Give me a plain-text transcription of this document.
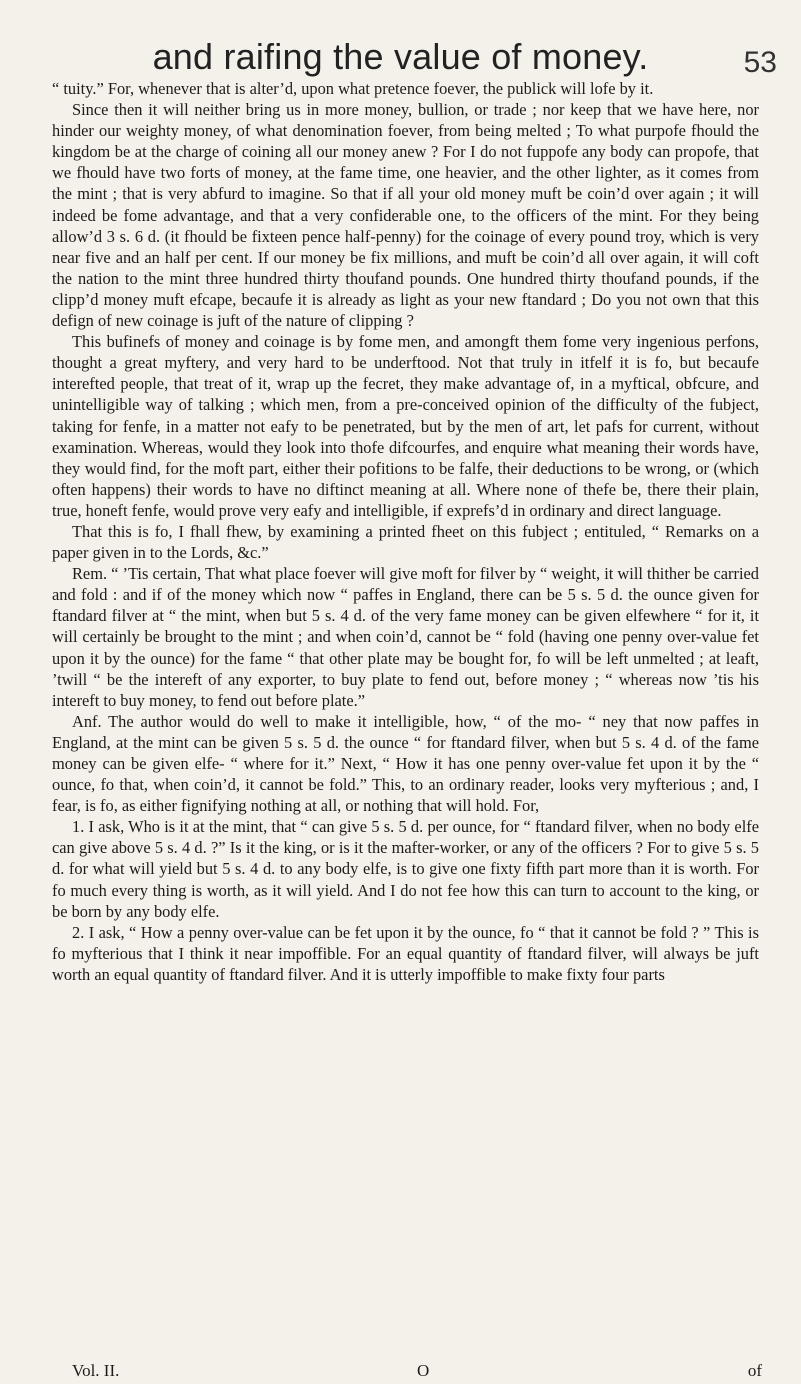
and raifing the value of money.	53

“ tuity.” For, whenever that is alter’d, upon what pretence foever, the publick will lofe by it.

Since then it will neither bring us in more money, bullion, or trade ; nor keep that we have here, nor hinder our weighty money, of what denomination foever, from being melted ; To what purpofe fhould the kingdom be at the charge of coining all our money anew ? For I do not fuppofe any body can propofe, that we fhould have two forts of money, at the fame time, one heavier, and the other lighter, as it comes from the mint ; that is very abfurd to imagine. So that if all your old money muft be coin’d over again ; it will indeed be fome advantage, and that a very confiderable one, to the officers of the mint. For they being allow’d 3 s. 6 d. (it fhould be fixteen pence half-penny) for the coinage of every pound troy, which is very near five and an half per cent. If our money be fix millions, and muft be coin’d all over again, it will coft the nation to the mint three hundred thirty thoufand pounds. One hundred thirty thoufand pounds, if the clipp’d money muft efcape, becaufe it is already as light as your new ftandard ; Do you not own that this defign of new coinage is juft of the nature of clipping ?

This bufinefs of money and coinage is by fome men, and amongft them fome very ingenious perfons, thought a great myftery, and very hard to be underftood. Not that truly in itfelf it is fo, but becaufe interefted people, that treat of it, wrap up the fecret, they make advantage of, in a myftical, obfcure, and unintelligible way of talking ; which men, from a pre-conceived opinion of the difficulty of the fubject, taking for fenfe, in a matter not eafy to be penetrated, but by the men of art, let pafs for current, without examination. Whereas, would they look into thofe difcourfes, and enquire what meaning their words have, they would find, for the moft part, either their pofitions to be falfe, their deductions to be wrong, or (which often happens) their words to have no diftinct meaning at all. Where none of thefe be, there their plain, true, honeft fenfe, would prove very eafy and intelligible, if exprefs’d in ordinary and direct language.

That this is fo, I fhall fhew, by examining a printed fheet on this fubject ; entituled, “ Remarks on a paper given in to the Lords, &c.”

Rem. “ ’Tis certain, That what place foever will give moft for filver by “ weight, it will thither be carried and fold : and if of the money which now “ paffes in England, there can be 5 s. 5 d. the ounce given for ftandard filver at “ the mint, when but 5 s. 4 d. of the very fame money can be given elfewhere “ for it, it will certainly be brought to the mint ; and when coin’d, cannot be “ fold (having one penny over-value fet upon it by the ounce) for the fame “ that other plate may be bought for, fo will be left unmelted ; at leaft, ’twill “ be the intereft of any exporter, to buy plate to fend out, before money ; “ whereas now ’tis his intereft to buy money, to fend out before plate.”

Anf. The author would do well to make it intelligible, how, “ of the mo- “ ney that now paffes in England, at the mint can be given 5 s. 5 d. the ounce “ for ftandard filver, when but 5 s. 4 d. of the fame money can be given elfe- “ where for it.” Next, “ How it has one penny over-value fet upon it by the “ ounce, fo that, when coin’d, it cannot be fold.” This, to an ordinary reader, looks very myfterious ; and, I fear, is fo, as either fignifying nothing at all, or nothing that will hold. For,

1. I ask, Who is it at the mint, that “ can give 5 s. 5 d. per ounce, for “ ftandard filver, when no body elfe can give above 5 s. 4 d. ?” Is it the king, or is it the mafter-worker, or any of the officers ? For to give 5 s. 5 d. for what will yield but 5 s. 4 d. to any body elfe, is to give one fixty fifth part more than it is worth. For fo much every thing is worth, as it will yield. And I do not fee how this can turn to account to the king, or be born by any body elfe.

2. I ask, “ How a penny over-value can be fet upon it by the ounce, fo “ that it cannot be fold ? ” This is fo myfterious that I think it near impoffible. For an equal quantity of ftandard filver, will always be juft worth an equal quantity of ftandard filver. And it is utterly impoffible to make fixty four parts

Vol. II.	O	of
